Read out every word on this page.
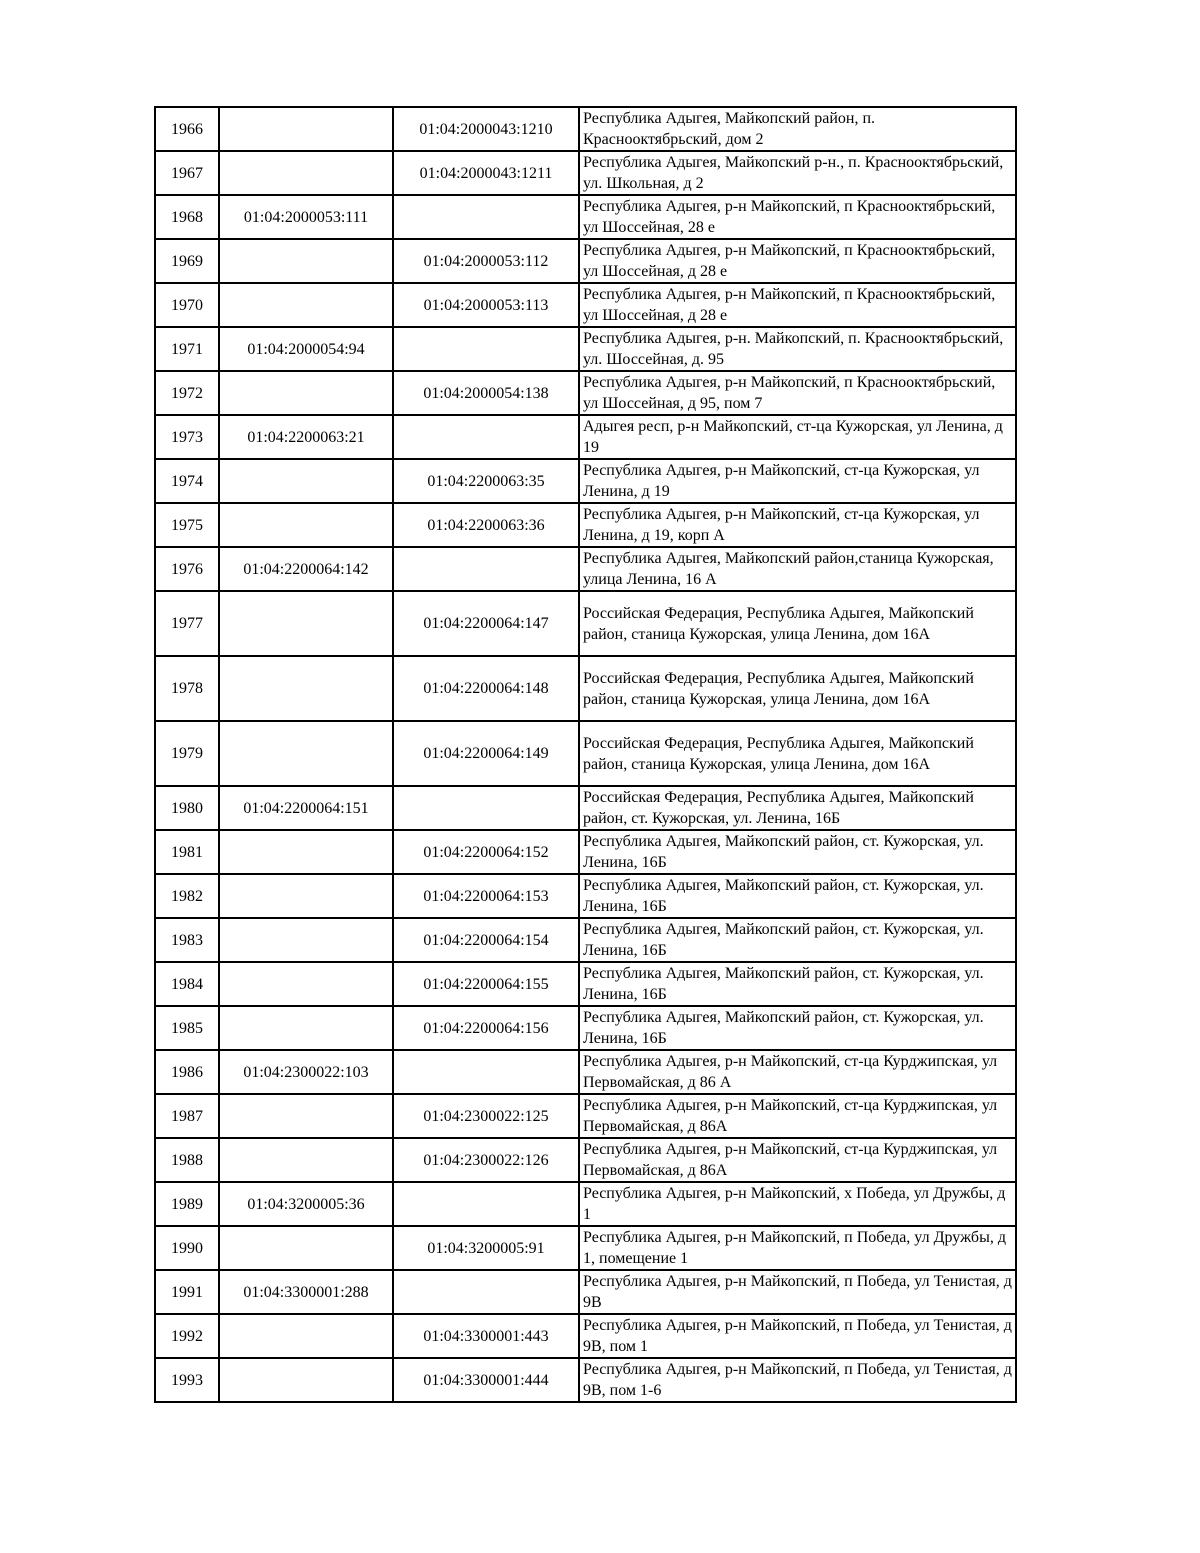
1966		01:04:2000043:1210	Республика Адыгея, Майкопский район, п. Краснооктябрьский, дом 2
1967		01:04:2000043:1211	Республика Адыгея, Майкопский р-н., п. Краснооктябрьский, ул. Школьная, д 2
1968	01:04:2000053:111		Республика Адыгея, р-н Майкопский, п Краснооктябрьский, ул Шоссейная, 28 е
1969		01:04:2000053:112	Республика Адыгея, р-н Майкопский, п Краснооктябрьский, ул Шоссейная, д 28 е
1970		01:04:2000053:113	Республика Адыгея, р-н Майкопский, п Краснооктябрьский, ул Шоссейная, д 28 е
1971	01:04:2000054:94		Республика Адыгея, р-н. Майкопский, п. Краснооктябрьский, ул. Шоссейная, д. 95
1972		01:04:2000054:138	Республика Адыгея, р-н Майкопский, п Краснооктябрьский, ул Шоссейная, д 95, пом 7
1973	01:04:2200063:21		Адыгея респ, р-н Майкопский, ст-ца Кужорская, ул Ленина, д 19
1974		01:04:2200063:35	Республика Адыгея, р-н Майкопский, ст-ца Кужорская, ул Ленина, д 19
1975		01:04:2200063:36	Республика Адыгея, р-н Майкопский, ст-ца Кужорская, ул Ленина, д 19, корп А
1976	01:04:2200064:142		Республика Адыгея, Майкопский район,станица Кужорская, улица Ленина, 16 А
1977		01:04:2200064:147	Российская Федерация, Республика Адыгея, Майкопский район, станица Кужорская, улица Ленина, дом 16А
1978		01:04:2200064:148	Российская Федерация, Республика Адыгея, Майкопский район, станица Кужорская, улица Ленина, дом 16А
1979		01:04:2200064:149	Российская Федерация, Республика Адыгея, Майкопский район, станица Кужорская, улица Ленина, дом 16А
1980	01:04:2200064:151		Российская Федерация, Республика Адыгея, Майкопский район, ст. Кужорская, ул. Ленина, 16Б
1981		01:04:2200064:152	Республика Адыгея, Майкопский район, ст. Кужорская, ул. Ленина, 16Б
1982		01:04:2200064:153	Республика Адыгея, Майкопский район, ст. Кужорская, ул. Ленина, 16Б
1983		01:04:2200064:154	Республика Адыгея, Майкопский район, ст. Кужорская, ул. Ленина, 16Б
1984		01:04:2200064:155	Республика Адыгея, Майкопский район, ст. Кужорская, ул. Ленина, 16Б
1985		01:04:2200064:156	Республика Адыгея, Майкопский район, ст. Кужорская, ул. Ленина, 16Б
1986	01:04:2300022:103		Республика Адыгея, р-н Майкопский, ст-ца Курджипская, ул Первомайская, д 86 А
1987		01:04:2300022:125	Республика Адыгея, р-н Майкопский, ст-ца Курджипская, ул Первомайская, д 86А
1988		01:04:2300022:126	Республика Адыгея, р-н Майкопский, ст-ца Курджипская, ул Первомайская, д 86А
1989	01:04:3200005:36		Республика Адыгея, р-н Майкопский, х Победа, ул Дружбы, д 1
1990		01:04:3200005:91	Республика Адыгея, р-н Майкопский, п Победа, ул Дружбы, д 1, помещение 1
1991	01:04:3300001:288		Республика Адыгея, р-н Майкопский, п Победа, ул Тенистая, д 9В
1992		01:04:3300001:443	Республика Адыгея, р-н Майкопский, п Победа, ул Тенистая, д 9В, пом 1
1993		01:04:3300001:444	Республика Адыгея, р-н Майкопский, п Победа, ул Тенистая, д 9В, пом 1-6
